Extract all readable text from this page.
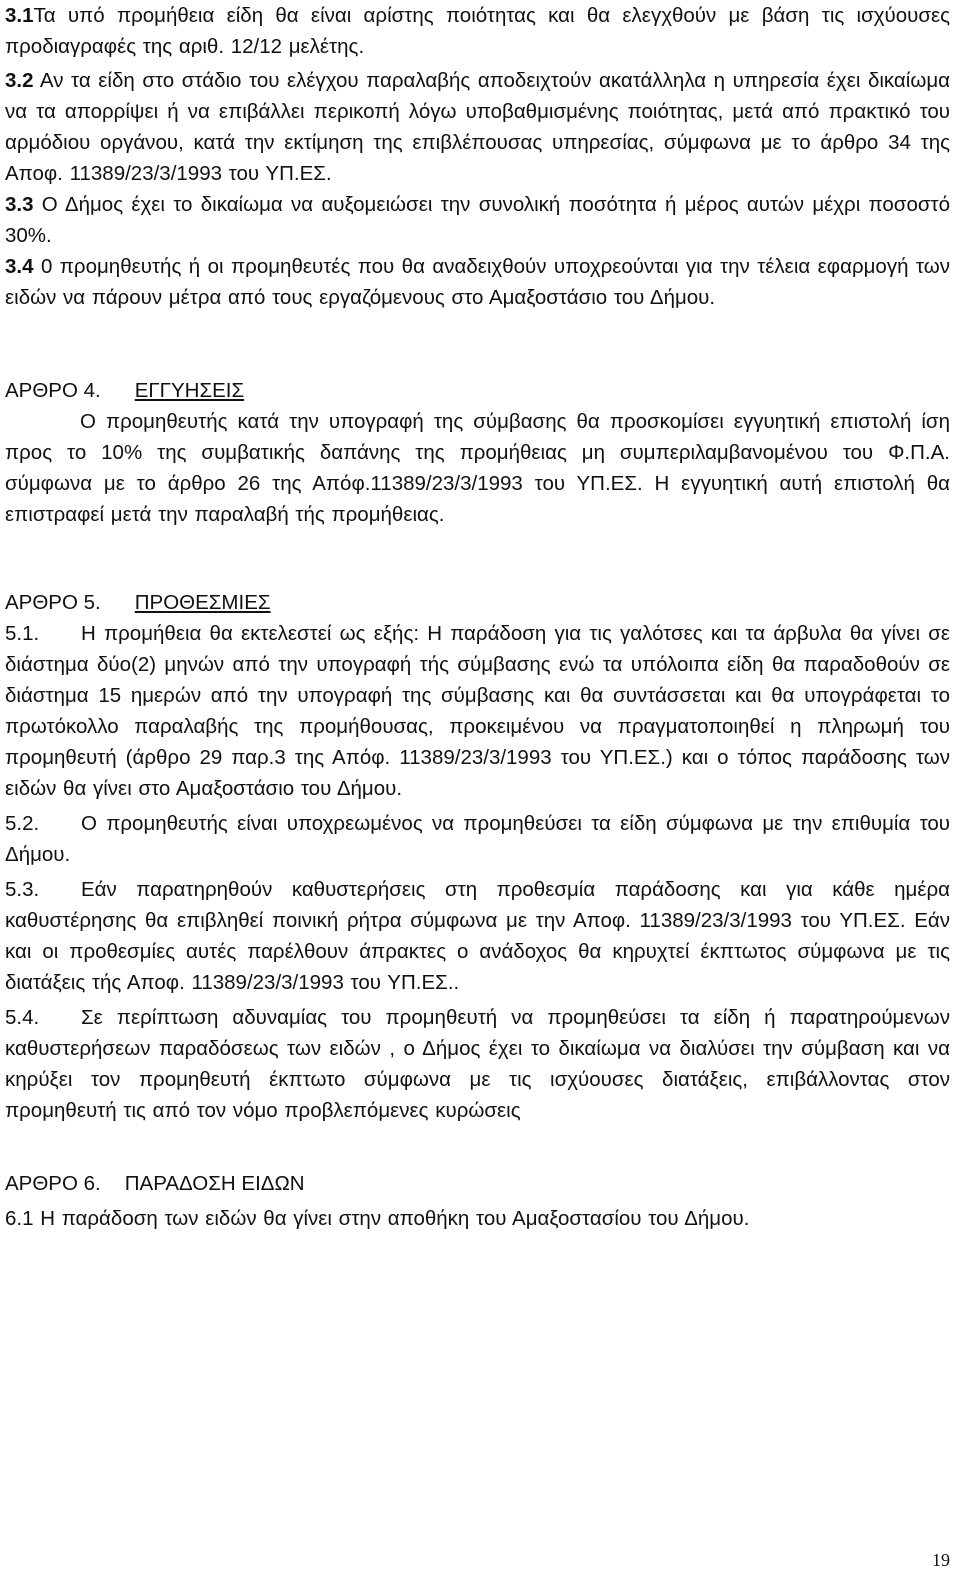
3.1Τα υπό προμήθεια είδη θα είναι αρίστης ποιότητας και θα ελεγχθούν με βάση τις ισχύουσες προδιαγραφές της αριθ. 12/12 μελέτης.

3.2 Αν τα είδη στο στάδιο του ελέγχου παραλαβής αποδειχτούν ακατάλληλα η υπηρεσία έχει δικαίωμα να τα απορρίψει ή να επιβάλλει περικοπή λόγω υποβαθμισμένης ποιότητας, μετά από πρακτικό του αρμόδιου οργάνου, κατά την εκτίμηση της επιβλέπουσας υπηρεσίας, σύμφωνα με το άρθρο 34 της Αποφ. 11389/23/3/1993 του ΥΠ.ΕΣ.

3.3 Ο Δήμος έχει το δικαίωμα να αυξομειώσει την συνολική ποσότητα ή μέρος αυτών μέχρι ποσοστό 30%.

3.4 0 προμηθευτής ή οι προμηθευτές που θα αναδειχθούν υποχρεούνται για την τέλεια εφαρμογή των ειδών να πάρουν μέτρα από τους εργαζόμενους στο Αμαξοστάσιο του Δήμου.

ΑΡΘΡΟ 4. ΕΓΓΥΗΣΕΙΣ

Ο προμηθευτής κατά την υπογραφή της σύμβασης θα προσκομίσει εγγυητική επιστολή ίση προς το 10% της συμβατικής δαπάνης της προμήθειας μη συμπεριλαμβανομένου του Φ.Π.Α. σύμφωνα με το άρθρο 26 της Απόφ.11389/23/3/1993 του ΥΠ.ΕΣ. Η εγγυητική αυτή επιστολή θα επιστραφεί μετά την παραλαβή τής προμήθειας.

ΑΡΘΡΟ 5. ΠΡΟΘΕΣΜΙΕΣ

5.1. Η προμήθεια θα εκτελεστεί ως εξής: Η παράδοση για τις γαλότσες και τα άρβυλα θα γίνει σε διάστημα δύο(2) μηνών από την υπογραφή τής σύμβασης ενώ τα υπόλοιπα είδη θα παραδοθούν σε διάστημα 15 ημερών από την υπογραφή της σύμβασης και θα συντάσσεται και θα υπογράφεται το πρωτόκολλο παραλαβής της προμήθουσας, προκειμένου να πραγματοποιηθεί η πληρωμή του προμηθευτή (άρθρο 29 παρ.3 της Απόφ. 11389/23/3/1993 του ΥΠ.ΕΣ.) και ο τόπος παράδοσης των ειδών θα γίνει στο Αμαξοστάσιο του Δήμου.

5.2. Ο προμηθευτής είναι υποχρεωμένος να προμηθεύσει τα είδη σύμφωνα με την επιθυμία του Δήμου.

5.3. Εάν παρατηρηθούν καθυστερήσεις στη προθεσμία παράδοσης και για κάθε ημέρα καθυστέρησης θα επιβληθεί ποινική ρήτρα σύμφωνα με την Αποφ. 11389/23/3/1993 του ΥΠ.ΕΣ. Εάν και οι προθεσμίες αυτές παρέλθουν άπρακτες ο ανάδοχος θα κηρυχτεί έκπτωτος σύμφωνα με τις διατάξεις τής Αποφ. 11389/23/3/1993 του ΥΠ.ΕΣ..

5.4. Σε περίπτωση αδυναμίας του προμηθευτή να προμηθεύσει τα είδη ή παρατηρούμενων καθυστερήσεων παραδόσεως των ειδών , ο Δήμος έχει το δικαίωμα να διαλύσει την σύμβαση και να κηρύξει τον προμηθευτή έκπτωτο σύμφωνα με τις ισχύουσες διατάξεις, επιβάλλοντας στον προμηθευτή τις από τον νόμο προβλεπόμενες κυρώσεις

ΑΡΘΡΟ 6. ΠΑΡΑΔΟΣΗ ΕΙΔΩΝ

6.1 Η παράδοση των ειδών θα γίνει στην αποθήκη του Αμαξοστασίου του Δήμου.

19
